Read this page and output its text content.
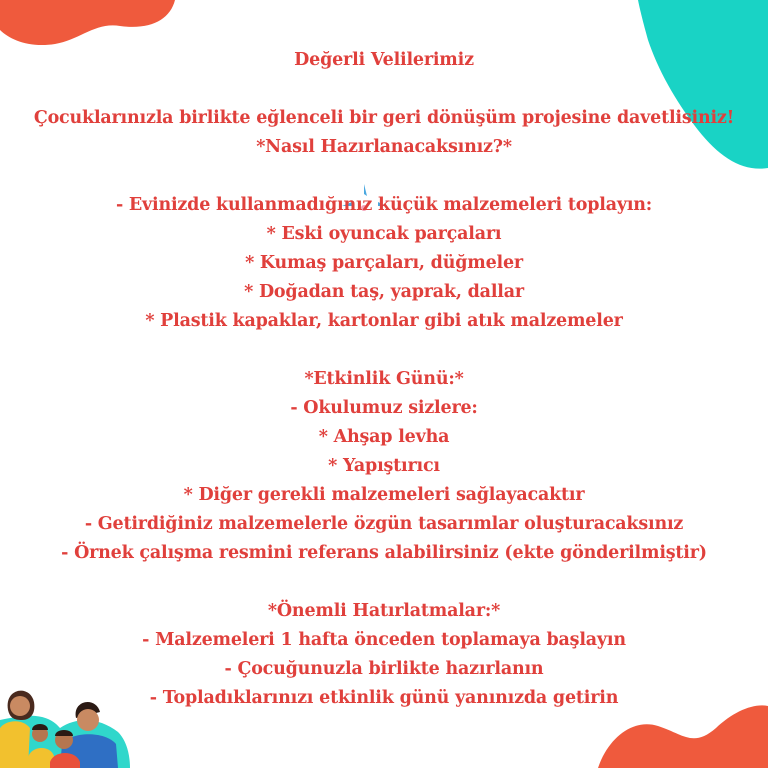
Değerli Velilerimiz
Çocuklarınızla birlikte eğlenceli bir geri dönüşüm projesine davetlisiniz!
*Nasıl Hazırlanacaksınız?*
- Evinizde kullanmadığınız küçük malzemeleri toplayın:
* Eski oyuncak parçaları
* Kumaş parçaları, düğmeler
* Doğadan taş, yaprak, dallar
* Plastik kapaklar, kartonlar gibi atık malzemeler
*Etkinlik Günü:*
- Okulumuz sizlere:
* Ahşap levha
* Yapıştırıcı
* Diğer gerekli malzemeleri sağlayacaktır
- Getirdiğiniz malzemelerle özgün tasarımlar oluşturacaksınız
- Örnek çalışma resmini referans alabilirsiniz (ekte gönderilmiştir)
*Önemli Hatırlatmalar:*
- Malzemeleri 1 hafta önceden toplamaya başlayın
- Çocuğunuzla birlikte hazırlanın
- Topladıklarınızı etkinlik günü yanınızda getirin
